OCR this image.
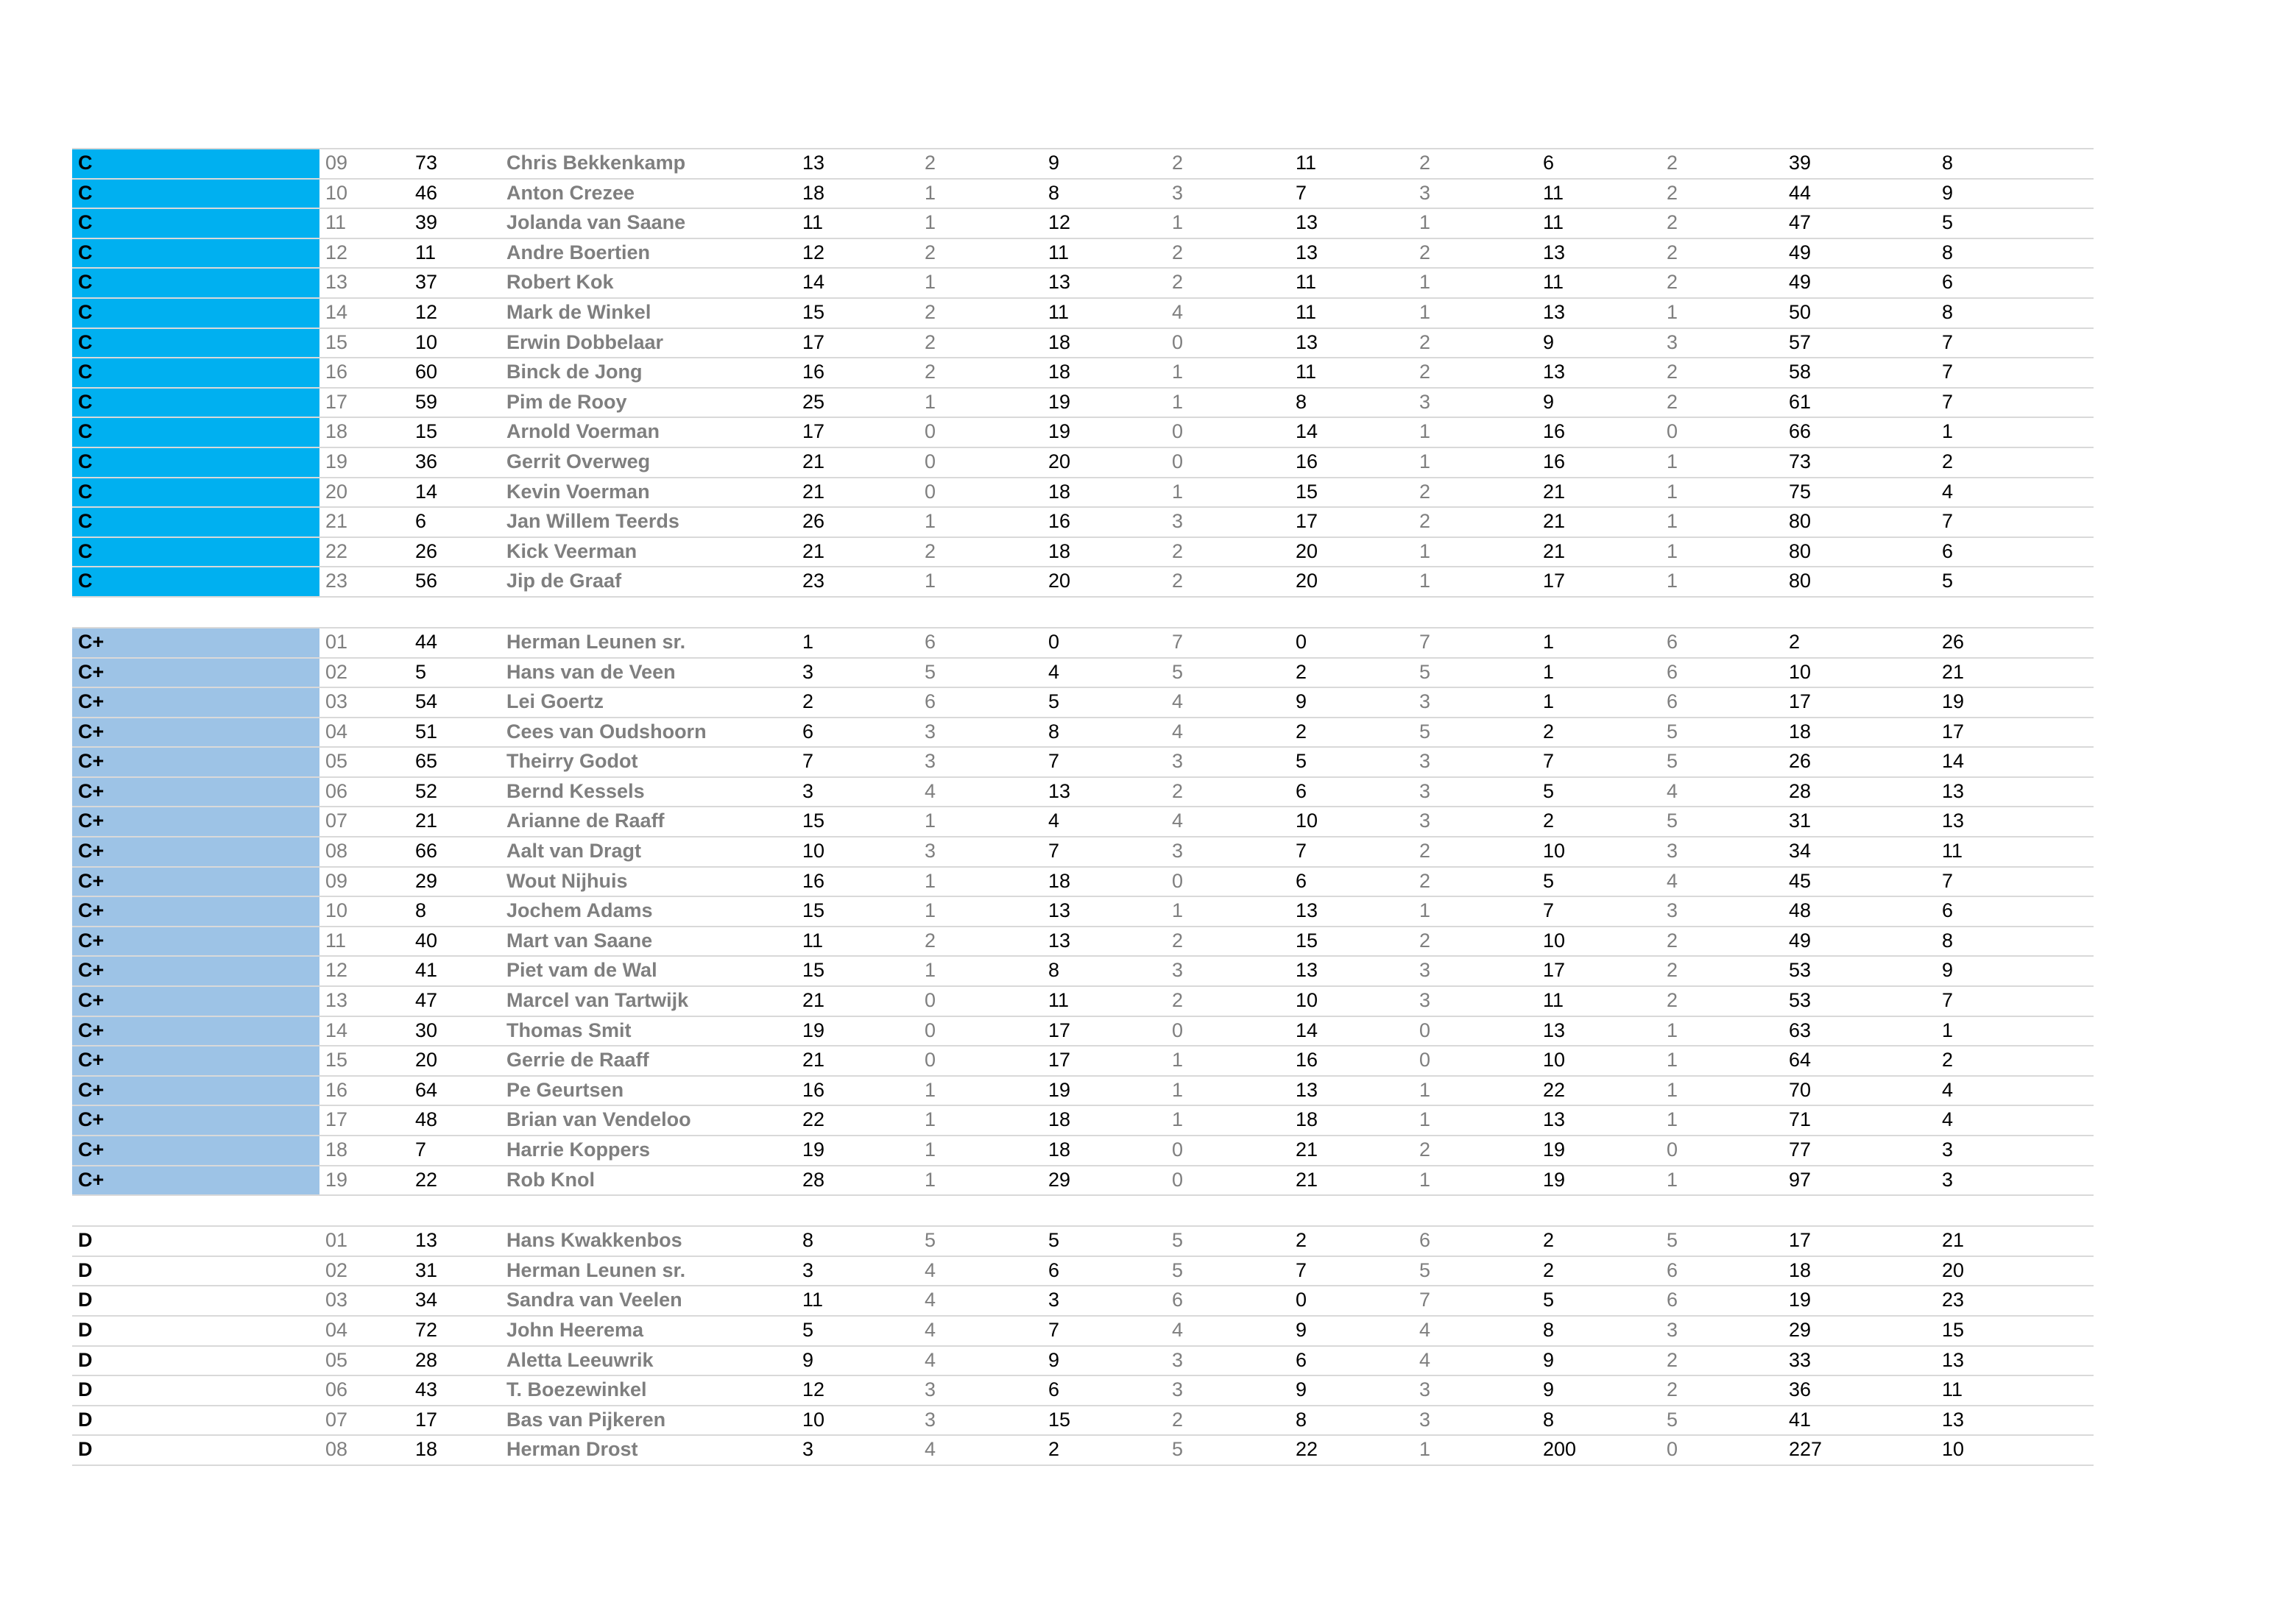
C	09	73	Chris Bekkenkamp	13	2	9	2	11	2	6	2	39	8
C	10	46	Anton Crezee	18	1	8	3	7	3	11	2	44	9
C	11	39	Jolanda van Saane	11	1	12	1	13	1	11	2	47	5
C	12	11	Andre Boertien	12	2	11	2	13	2	13	2	49	8
C	13	37	Robert Kok	14	1	13	2	11	1	11	2	49	6
C	14	12	Mark de Winkel	15	2	11	4	11	1	13	1	50	8
C	15	10	Erwin Dobbelaar	17	2	18	0	13	2	9	3	57	7
C	16	60	Binck de Jong	16	2	18	1	11	2	13	2	58	7
C	17	59	Pim de Rooy	25	1	19	1	8	3	9	2	61	7
C	18	15	Arnold Voerman	17	0	19	0	14	1	16	0	66	1
C	19	36	Gerrit Overweg	21	0	20	0	16	1	16	1	73	2
C	20	14	Kevin Voerman	21	0	18	1	15	2	21	1	75	4
C	21	6	Jan Willem Teerds	26	1	16	3	17	2	21	1	80	7
C	22	26	Kick Veerman	21	2	18	2	20	1	21	1	80	6
C	23	56	Jip de Graaf	23	1	20	2	20	1	17	1	80	5
C+	01	44	Herman Leunen sr.	1	6	0	7	0	7	1	6	2	26
C+	02	5	Hans van de Veen	3	5	4	5	2	5	1	6	10	21
C+	03	54	Lei Goertz	2	6	5	4	9	3	1	6	17	19
C+	04	51	Cees van Oudshoorn	6	3	8	4	2	5	2	5	18	17
C+	05	65	Theirry Godot	7	3	7	3	5	3	7	5	26	14
C+	06	52	Bernd Kessels	3	4	13	2	6	3	5	4	28	13
C+	07	21	Arianne de Raaff	15	1	4	4	10	3	2	5	31	13
C+	08	66	Aalt van Dragt	10	3	7	3	7	2	10	3	34	11
C+	09	29	Wout Nijhuis	16	1	18	0	6	2	5	4	45	7
C+	10	8	Jochem Adams	15	1	13	1	13	1	7	3	48	6
C+	11	40	Mart van Saane	11	2	13	2	15	2	10	2	49	8
C+	12	41	Piet vam de Wal	15	1	8	3	13	3	17	2	53	9
C+	13	47	Marcel van Tartwijk	21	0	11	2	10	3	11	2	53	7
C+	14	30	Thomas Smit	19	0	17	0	14	0	13	1	63	1
C+	15	20	Gerrie de Raaff	21	0	17	1	16	0	10	1	64	2
C+	16	64	Pe Geurtsen	16	1	19	1	13	1	22	1	70	4
C+	17	48	Brian van Vendeloo	22	1	18	1	18	1	13	1	71	4
C+	18	7	Harrie Koppers	19	1	18	0	21	2	19	0	77	3
C+	19	22	Rob Knol	28	1	29	0	21	1	19	1	97	3
D	01	13	Hans Kwakkenbos	8	5	5	5	2	6	2	5	17	21
D	02	31	Herman Leunen sr.	3	4	6	5	7	5	2	6	18	20
D	03	34	Sandra van Veelen	11	4	3	6	0	7	5	6	19	23
D	04	72	John Heerema	5	4	7	4	9	4	8	3	29	15
D	05	28	Aletta Leeuwrik	9	4	9	3	6	4	9	2	33	13
D	06	43	T. Boezewinkel	12	3	6	3	9	3	9	2	36	11
D	07	17	Bas van Pijkeren	10	3	15	2	8	3	8	5	41	13
D	08	18	Herman Drost	3	4	2	5	22	1	200	0	227	10
